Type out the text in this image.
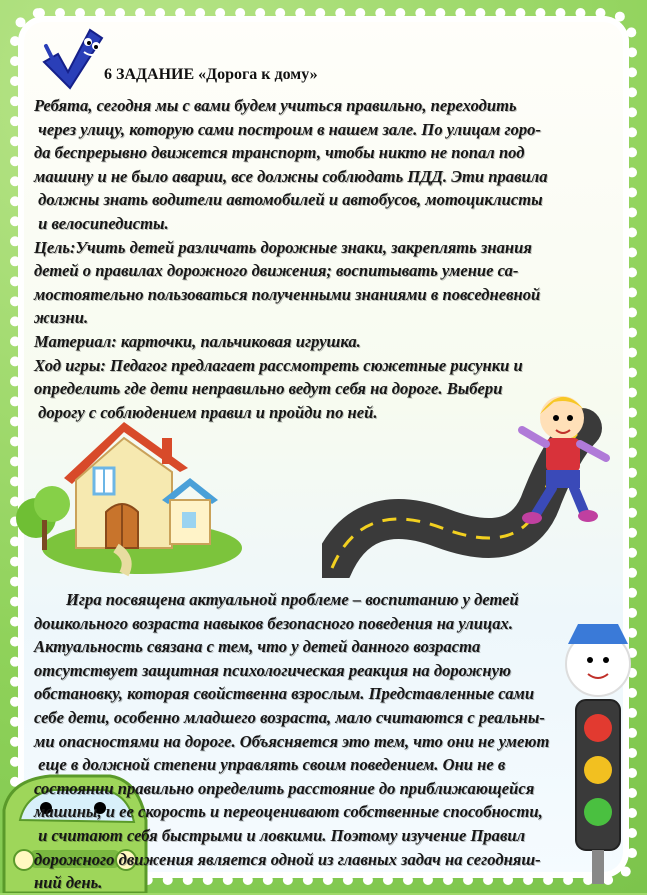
6 ЗАДАНИЕ «Дорога к дому»

Ребята, сегодня мы с вами будем учиться правильно, переходить

через улицу, которую сами построим в нашем зале. По улицам горо-

да беспрерывно движется транспорт, чтобы никто не попал под

машину и не было аварии, все должны соблюдать ПДД. Эти правила

должны знать водители автомобилей и автобусов, мотоциклисты

и велосипедисты.

Цель:Учить детей различать дорожные знаки, закреплять знания

детей о правилах дорожного движения; воспитывать умение са-

мостоятельно пользоваться полученными знаниями в повседневной

жизни.

Материал: карточки, пальчиковая игрушка.

Ход игры: Педагог предлагает рассмотреть сюжетные рисунки и

определить где дети неправильно ведут себя на дороге. Выбери

дорогу с соблюдением правил и пройди по ней.

Игра посвящена актуальной проблеме – воспитанию у детей

дошкольного возраста навыков безопасного поведения на улицах.

Актуальность связана с тем, что у детей данного возраста

отсутствует защитная психологическая реакция на дорожную

обстановку, которая свойственна взрослым. Представленные сами

себе дети, особенно младшего возраста, мало считаются с реальны-

ми опасностями на дороге. Объясняется это тем, что они не умеют

еще в должной степени управлять своим поведением. Они не в

состоянии правильно определить расстояние до приближающейся

машины, и ее скорость и переоценивают собственные способности,

и считают себя быстрыми и ловкими. Поэтому изучение Правил

дорожного движения является одной из главных задач на сегодняш-

ний день.
